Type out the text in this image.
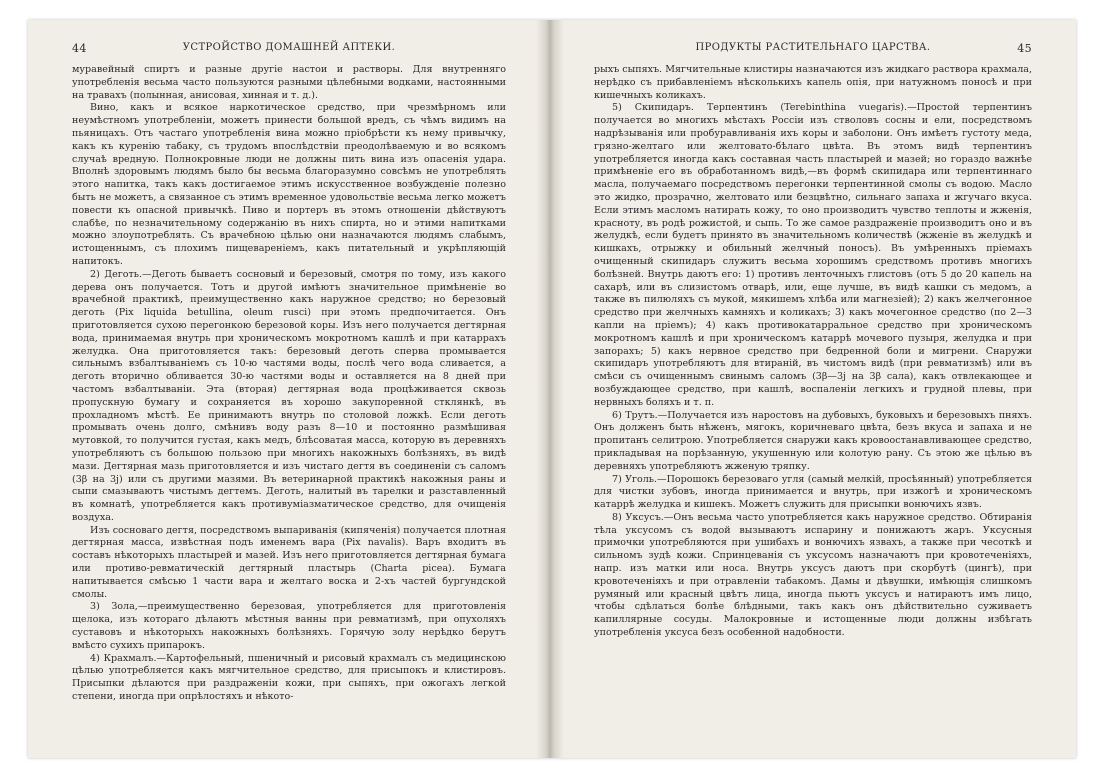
44	УСТРОЙСТВО ДОМАШНЕЙ АПТЕКИ.

муравейный спиртъ и разные другіе настои и растворы. Для внутренняго употребленія весьма часто пользуются разными цѣлебными водками, настоянными на травахъ (полынная, анисовая, хинная и т. д.).

Вино, какъ и всякое наркотическое средство, при чрезмѣрномъ или неумѣстномъ употребленіи, можетъ принести большой вредъ, съ чѣмъ видимъ на пьяницахъ. Отъ частаго употребленія вина можно пріобрѣсти къ нему привычку, какъ къ куренію табаку, съ трудомъ впослѣдствіи преодолѣваемую и во всякомъ случаѣ вредную. Полнокровные люди не должны пить вина изъ опасенія удара. Вполнѣ здоровымъ людямъ было бы весьма благоразумно совсѣмъ не употреблять этого напитка, такъ какъ достигаемое этимъ искусственное возбужденіе полезно быть не можетъ, а связанное съ этимъ временное удовольствіе весьма легко можетъ повести къ опасной привычкѣ. Пиво и портеръ въ этомъ отношеніи дѣйствуютъ слабѣе, по незначительному содержанію въ нихъ спирта, но и этими напитками можно злоупотреблять. Съ врачебною цѣлью они назначаются людямъ слабымъ, истощеннымъ, съ плохимъ пищевареніемъ, какъ питательный и укрѣпляющій напитокъ.

2) Деготь.—Деготь бываетъ сосновый и березовый, смотря по тому, изъ какого дерева онъ получается. Тотъ и другой имѣютъ значительное примѣненіе во врачебной практикѣ, преимущественно какъ наружное средство; но березовый деготь (Pix liquida betullina, oleum rusci) при этомъ предпочитается. Онъ приготовляется сухою перегонкою березовой коры. Изъ него получается дегтярная вода, принимаемая внутрь при хроническомъ мокротномъ кашлѣ и при катаррахъ желудка. Она приготовляется такъ: березовый деготь сперва промывается сильнымъ взбалтываніемъ съ 10-ю частями воды, послѣ чего вода сливается, а деготь вторично обливается 30-ю частями воды и оставляется на 8 дней при частомъ взбалтываніи. Эта (вторая) дегтярная вода процѣживается сквозь пропускную бумагу и сохраняется въ хорошо закупоренной стклянкѣ, въ прохладномъ мѣстѣ. Ее принимаютъ внутрь по столовой ложкѣ. Если деготь промывать очень долго, смѣнивъ воду разъ 8—10 и постоянно размѣшивая мутовкой, то получится густая, какъ медъ, блѣсоватая масса, которую въ деревняхъ употребляютъ съ большою пользою при многихъ накожныхъ болѣзняхъ, въ видѣ мази. Дегтярная мазь приготовляется и изъ чистаго дегтя въ соединеніи съ саломъ (3β на 3j) или съ другими мазями. Въ ветеринарной практикѣ накожныя раны и сыпи смазываютъ чистымъ дегтемъ. Деготь, налитый въ тарелки и разставленный въ комнатѣ, употребляется какъ противуміазматическое средство, для очищенія воздуха.

Изъ сосноваго дегтя, посредствомъ выпариванія (кипяченія) получается плотная дегтярная масса, извѣстная подъ именемъ вара (Pix navalis). Варъ входитъ въ составъ нѣкоторыхъ пластырей и мазей. Изъ него приготовляется дегтярная бумага или противо-ревматическій дегтярный пластырь (Charta picea). Бумага напитывается смѣсью 1 части вара и желтаго воска и 2-хъ частей бургундской смолы.

3) Зола,—преимущественно березовая, употребляется для приготовленія щелока, изъ котораго дѣлаютъ мѣстныя ванны при ревматизмѣ, при опухоляхъ суставовъ и нѣкоторыхъ накожныхъ болѣзняхъ. Горячую золу нерѣдко берутъ вмѣсто сухихъ припарокъ.

4) Крахмалъ.—Картофельный, пшеничный и рисовый крахмалъ съ медицинскою цѣлью употребляется какъ мягчительное средство, для присыпокъ и клистировъ. Присыпки дѣлаются при раздраженіи кожи, при сыпяхъ, при ожогахъ легкой степени, иногда при опрѣлостяхъ и нѣкото-

ПРОДУКТЫ РАСТИТЕЛЬНАГО ЦАРСТВА.	45

рыхъ сыпяхъ. Мягчительные клистиры назначаются изъ жидкаго раствора крахмала, нерѣдко съ прибавленіемъ нѣсколькихъ капель опія, при натужномъ поносѣ и при кишечныхъ коликахъ.

5) Скипидаръ. Терпентинъ (Terebinthina vuegaris).—Простой терпентинъ получается во многихъ мѣстахъ Россіи изъ стволовъ сосны и ели, посредствомъ надрѣзыванія или пробуравливанія ихъ коры и заболони. Онъ имѣетъ густоту меда, грязно-желтаго или желтовато-бѣлаго цвѣта. Въ этомъ видѣ терпентинъ употребляется иногда какъ составная часть пластырей и мазей; но гораздо важнѣе примѣненіе его въ обработанномъ видѣ,—въ формѣ скипидара или терпентиннаго масла, получаемаго посредствомъ перегонки терпентинной смолы съ водою. Масло это жидко, прозрачно, желтовато или безцвѣтно, сильнаго запаха и жгучаго вкуса. Если этимъ масломъ натирать кожу, то оно производитъ чувство теплоты и жженія, красноту, въ родѣ рожистой, и сыпь. То же самое раздраженіе производитъ оно и въ желудкѣ, если будетъ принято въ значительномъ количествѣ (жженіе въ желудкѣ и кишкахъ, отрыжку и обильный желчный поносъ). Въ умѣренныхъ пріемахъ очищенный скипидаръ служитъ весьма хорошимъ средствомъ противъ многихъ болѣзней. Внутрь даютъ его: 1) противъ ленточныхъ глистовъ (отъ 5 до 20 капель на сахарѣ, или въ слизистомъ отварѣ, или, еще лучше, въ видѣ кашки съ медомъ, а также въ пилюляхъ съ мукой, мякишемъ хлѣба или магнезіей); 2) какъ желчегонное средство при желчныхъ камняхъ и коликахъ; 3) какъ мочегонное средство (по 2—3 капли на пріемъ); 4) какъ противокатарральное средство при хроническомъ мокротномъ кашлѣ и при хроническомъ катаррѣ мочевого пузыря, желудка и при запорахъ; 5) какъ нервное средство при бедренной боли и мигрени. Снаружи скипидаръ употребляютъ для втираній, въ чистомъ видѣ (при ревматизмѣ) или въ смѣси съ очищеннымъ свинымъ саломъ (3β—3j на 3β сала), какъ отвлекающее и возбуждающее средство, при кашлѣ, воспаленіи легкихъ и грудной плевы, при нервныхъ боляхъ и т. п.

6) Трутъ.—Получается изъ наростовъ на дубовыхъ, буковыхъ и березовыхъ пняхъ. Онъ долженъ быть нѣженъ, мягокъ, коричневаго цвѣта, безъ вкуса и запаха и не пропитанъ селитрою. Употребляется снаружи какъ кровоостанавливающее средство, прикладывая на порѣзанную, укушенную или колотую рану. Съ этою же цѣлью въ деревняхъ употребляютъ жженую тряпку.

7) Уголь.—Порошокъ березоваго угля (самый мелкій, просѣянный) употребляется для чистки зубовъ, иногда принимается и внутрь, при изжогѣ и хроническомъ катаррѣ желудка и кишекъ. Можетъ служить для присыпки вонючихъ язвъ.

8) Уксусъ.—Онъ весьма часто употребляется какъ наружное средство. Обтиранія тѣла уксусомъ съ водой вызываютъ испарину и понижаютъ жаръ. Уксусныя примочки употребляются при ушибахъ и вонючихъ язвахъ, а также при чесоткѣ и сильномъ зудѣ кожи. Спринцеванія съ уксусомъ назначаютъ при кровотеченіяхъ, напр. изъ матки или носа. Внутрь уксусъ даютъ при скорбутѣ (цингѣ), при кровотеченіяхъ и при отравленіи табакомъ. Дамы и дѣвушки, имѣющія слишкомъ румяный или красный цвѣтъ лица, иногда пьютъ уксусъ и натираютъ имъ лицо, чтобы сдѣлаться болѣе блѣдными, такъ какъ онъ дѣйствительно суживаетъ капиллярные сосуды. Малокровные и истощенные люди должны избѣгать употребленія уксуса безъ особенной надобности.
